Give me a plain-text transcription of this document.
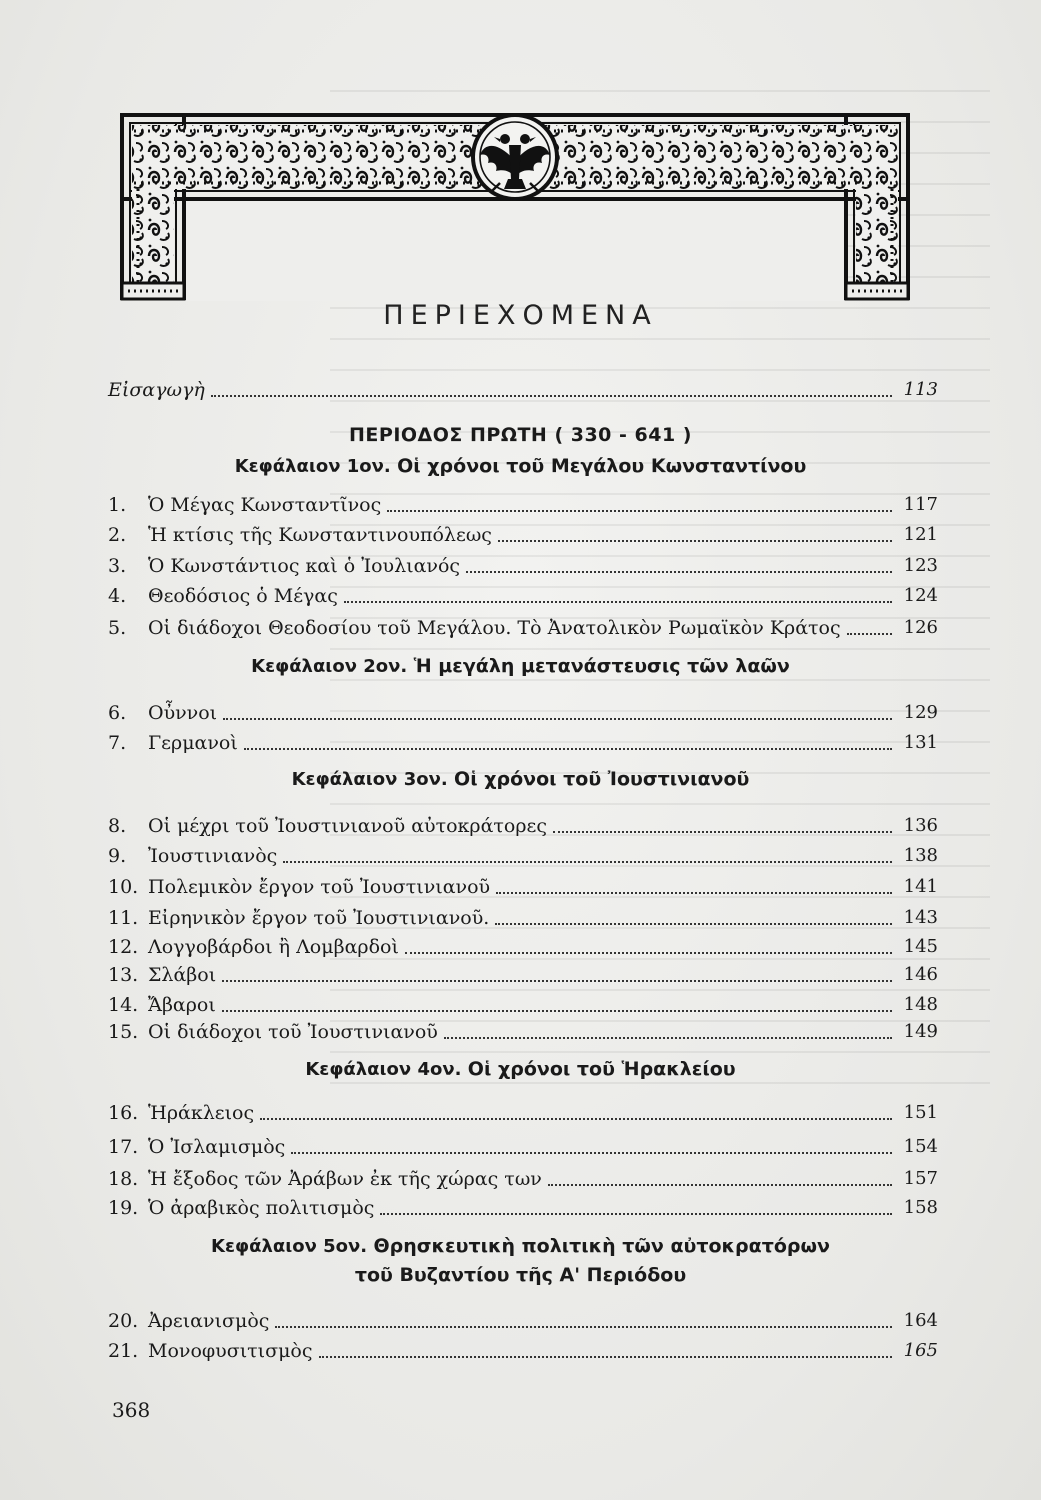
ΠΕΡΙΕΧΟΜΕΝΑ
Εἰσαγωγὴ	113
ΠΕΡΙΟΔΟΣ ΠΡΩΤΗ ( 330 - 641 )
Κεφάλαιον 1ον. Οἱ χρόνοι τοῦ Μεγάλου Κωνσταντίνου
Κεφάλαιον 2ον. Ἡ μεγάλη μετανάστευσις τῶν λαῶν
Κεφάλαιον 3ον. Οἱ χρόνοι τοῦ Ἰουστινιανοῦ
Κεφάλαιον 4ον. Οἱ χρόνοι τοῦ Ἡρακλείου
Κεφάλαιον 5ον. Θρησκευτικὴ πολιτικὴ τῶν αὐτοκρατόρων
τοῦ Βυζαντίου τῆς Α' Περιόδου
1. Ὁ Μέγας Κωνσταντῖνος	117
2. Ἡ κτίσις τῆς Κωνσταντινουπόλεως	121
3. Ὁ Κωνστάντιος καὶ ὁ Ἰουλιανός	123
4. Θεοδόσιος ὁ Μέγας	124
5. Οἱ διάδοχοι Θεοδοσίου τοῦ Μεγάλου. Τὸ Ἀνατολικὸν Ρωμαϊκὸν Κράτος	126
6. Οὖννοι	129
7. Γερμανοὶ	131
8. Οἱ μέχρι τοῦ Ἰουστινιανοῦ αὐτοκράτορες	136
9. Ἰουστινιανὸς	138
10. Πολεμικὸν ἔργον τοῦ Ἰουστινιανοῦ	141
11. Εἰρηνικὸν ἔργον τοῦ Ἰουστινιανοῦ.	143
12. Λογγοβάρδοι ἢ Λομβαρδοὶ	145
13. Σλάβοι	146
14. Ἄβαροι	148
15. Οἱ διάδοχοι τοῦ Ἰουστινιανοῦ	149
16. Ἡράκλειος	151
17. Ὁ Ἰσλαμισμὸς	154
18. Ἡ ἔξοδος τῶν Ἀράβων ἐκ τῆς χώρας των	157
19. Ὁ ἀραβικὸς πολιτισμὸς	158
20. Ἀρειανισμὸς	164
21. Μονοφυσιτισμὸς	165
368
